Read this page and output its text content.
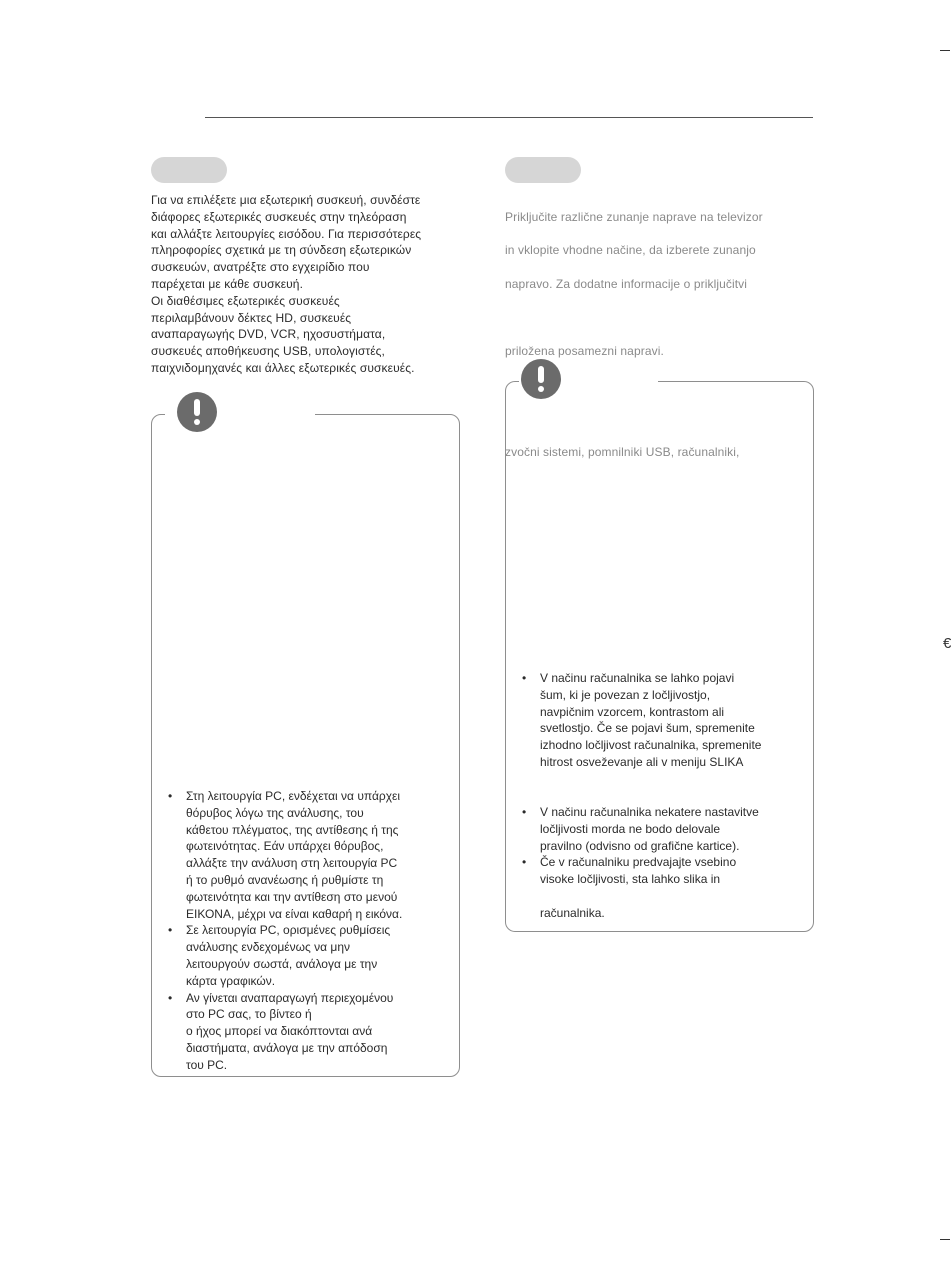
€

Για να επιλέξετε μια εξωτερική συσκευή, συνδέστε
διάφορες εξωτερικές συσκευές στην τηλεόραση
και αλλάξτε λειτουργίες εισόδου. Για περισσότερες
πληροφορίες σχετικά με τη σύνδεση εξωτερικών
συσκευών, ανατρέξτε στο εγχειρίδιο που
παρέχεται με κάθε συσκευή.
Οι διαθέσιμες εξωτερικές συσκευές
περιλαμβάνουν δέκτες HD, συσκευές
αναπαραγωγής DVD, VCR, ηχοσυστήματα,
συσκευές αποθήκευσης USB, υπολογιστές,
παιχνιδομηχανές και άλλες εξωτερικές συσκευές.

• Στη λειτουργία PC, ενδέχεται να υπάρχει
θόρυβος λόγω της ανάλυσης, του
κάθετου πλέγματος, της αντίθεσης ή της
φωτεινότητας. Εάν υπάρχει θόρυβος,
αλλάξτε την ανάλυση στη λειτουργία PC
ή το ρυθμό ανανέωσης ή ρυθμίστε τη
φωτεινότητα και την αντίθεση στο μενού
ΕΙΚΟΝΑ, μέχρι να είναι καθαρή η εικόνα.
• Σε λειτουργία PC, ορισμένες ρυθμίσεις
ανάλυσης ενδεχομένως να μην
λειτουργούν σωστά, ανάλογα με την
κάρτα γραφικών.
• Αν γίνεται αναπαραγωγή περιεχομένου
στο PC σας, το βίντεο ή
ο ήχος μπορεί να διακόπτονται ανά
διαστήματα, ανάλογα με την απόδοση
του PC.

Priključite različne zunanje naprave na televizor

in vklopite vhodne načine, da izberete zunanjo

napravo. Za dodatne informacije o priključitvi

priložena posamezni napravi.

zvočni sistemi, pomnilniki USB, računalniki,

• V načinu računalnika se lahko pojavi
šum, ki je povezan z ločljivostjo,
navpičnim vzorcem, kontrastom ali
svetlostjo. Če se pojavi šum, spremenite
izhodno ločljivost računalnika, spremenite
hitrost osveževanje ali v meniju SLIKA
• V načinu računalnika nekatere nastavitve
ločljivosti morda ne bodo delovale
pravilno (odvisno od grafične kartice).
• Če v računalniku predvajajte vsebino
visoke ločljivosti, sta lahko slika in

računalnika.
